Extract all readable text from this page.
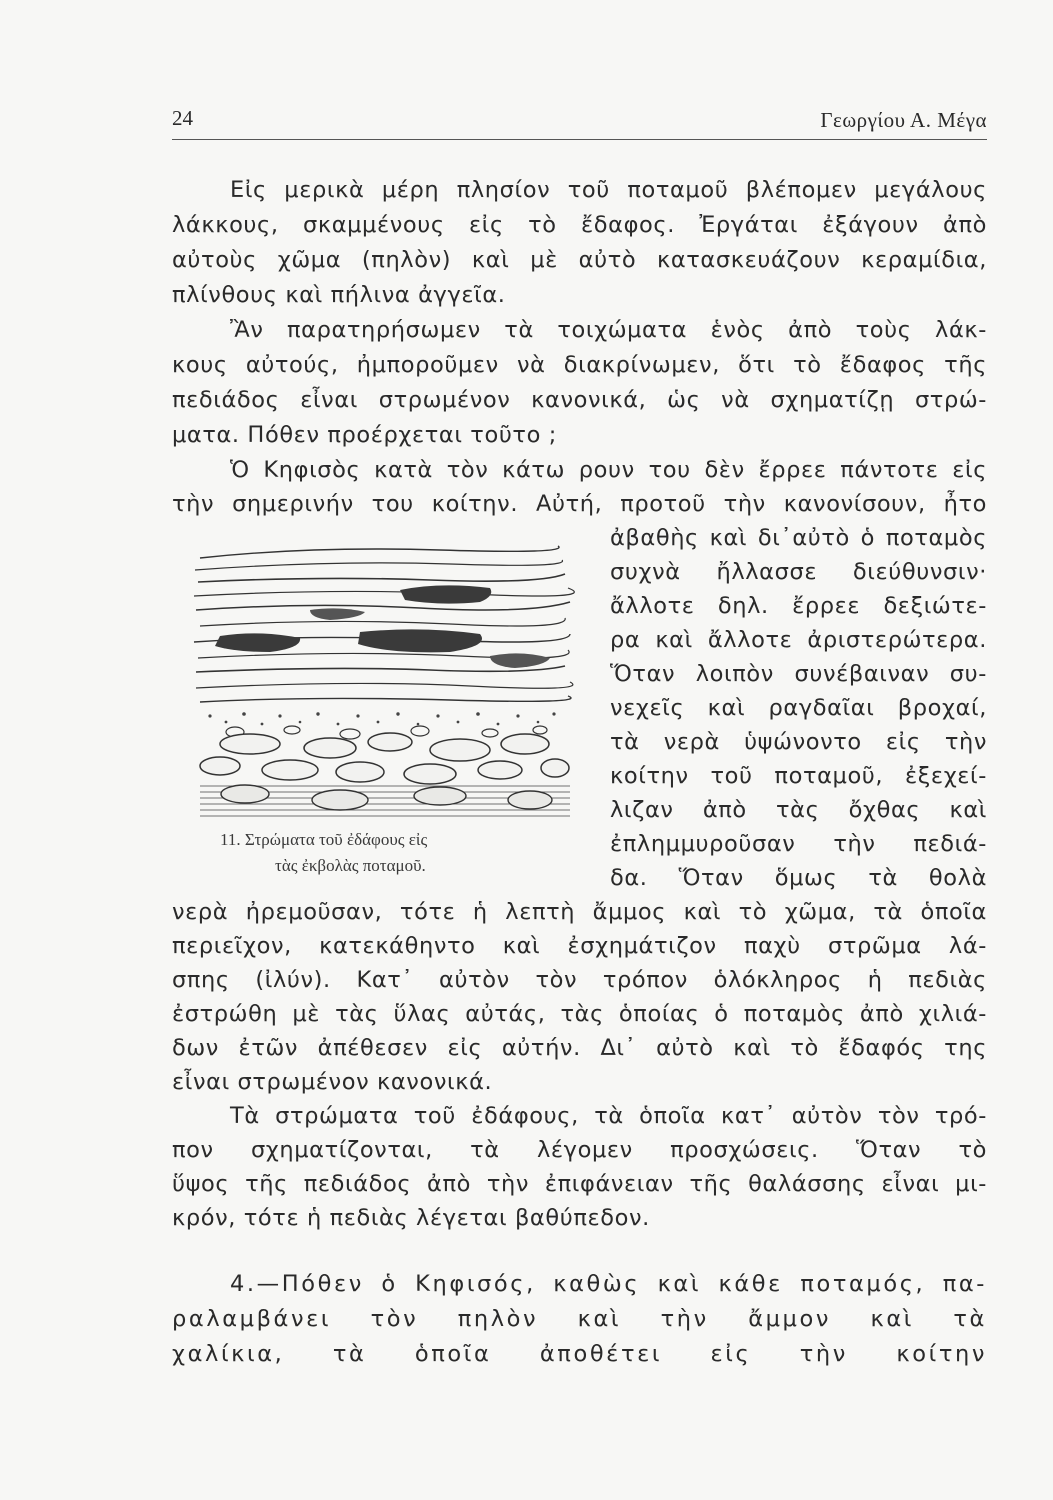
24	Γεωργίου Α. Μέγα
Εἰς μερικὰ μέρη πλησίον τοῦ ποταμοῦ βλέπομεν μεγάλους
λάκκους, σκαμμένους εἰς τὸ ἔδαφος. Ἐργάται ἐξάγουν ἀπὸ
αὐτοὺς χῶμα (πηλὸν) καὶ μὲ αὐτὸ κατασκευάζουν κεραμίδια,
πλίνθους καὶ πήλινα ἀγγεῖα.
Ἂν παρατηρήσωμεν τὰ τοιχώματα ἑνὸς ἀπὸ τοὺς λάκ-
κους αὐτούς, ἠμποροῦμεν νὰ διακρίνωμεν, ὅτι τὸ ἔδαφος τῆς
πεδιάδος εἶναι στρωμένον κανονικά, ὡς νὰ σχηματίζῃ στρώ-
ματα. Πόθεν προέρχεται τοῦτο ;
Ὁ Κηφισὸς κατὰ τὸν κάτω ρουν του δὲν ἔρρεε πάντοτε εἰς
τὴν σημερινήν του κοίτην. Αὐτή, προτοῦ τὴν κανονίσουν, ἦτο
ἀβαθὴς καὶ δι᾽αὐτὸ ὁ ποταμὸς
συχνὰ ἤλλασσε διεύθυνσιν·
ἄλλοτε δηλ. ἔρρεε δεξιώτε-
ρα καὶ ἄλλοτε ἀριστερώτερα.
Ὅταν λοιπὸν συνέβαιναν συ-
νεχεῖς καὶ ραγδαῖαι βροχαί,
τὰ νερὰ ὑψώνοντο εἰς τὴν
κοίτην τοῦ ποταμοῦ, ἐξεχεί-
λιζαν ἀπὸ τὰς ὄχθας καὶ
ἐπλημμυροῦσαν τὴν πεδιά-
δα. Ὅταν ὅμως τὰ θολὰ
11. Στρώματα τοῦ ἐδάφους εἰς
τὰς ἐκβολὰς ποταμοῦ.
νερὰ ἠρεμοῦσαν, τότε ἡ λεπτὴ ἄμμος καὶ τὸ χῶμα, τὰ ὁποῖα
περιεῖχον, κατεκάθηντο καὶ ἐσχημάτιζον παχὺ στρῶμα λά-
σπης (ἰλύν). Κατ᾽ αὐτὸν τὸν τρόπον ὁλόκληρος ἡ πεδιὰς
ἐστρώθη μὲ τὰς ὕλας αὐτάς, τὰς ὁποίας ὁ ποταμὸς ἀπὸ χιλιά-
δων ἐτῶν ἀπέθεσεν εἰς αὐτήν. Δι᾽ αὐτὸ καὶ τὸ ἔδαφός της
εἶναι στρωμένον κανονικά.
Τὰ στρώματα τοῦ ἐδάφους, τὰ ὁποῖα κατ᾽ αὐτὸν τὸν τρό-
πον σχηματίζονται, τὰ λέγομεν προσχώσεις. Ὅταν τὸ
ὕψος τῆς πεδιάδος ἀπὸ τὴν ἐπιφάνειαν τῆς θαλάσσης εἶναι μι-
κρόν, τότε ἡ πεδιὰς λέγεται βαθύπεδον.
4.—Πόθεν ὁ Κηφισός, καθὼς καὶ κάθε ποταμός, πα-
ραλαμβάνει τὸν πηλὸν καὶ τὴν ἄμμον καὶ τὰ
χαλίκια, τὰ ὁποῖα ἀποθέτει εἰς τὴν κοίτην
